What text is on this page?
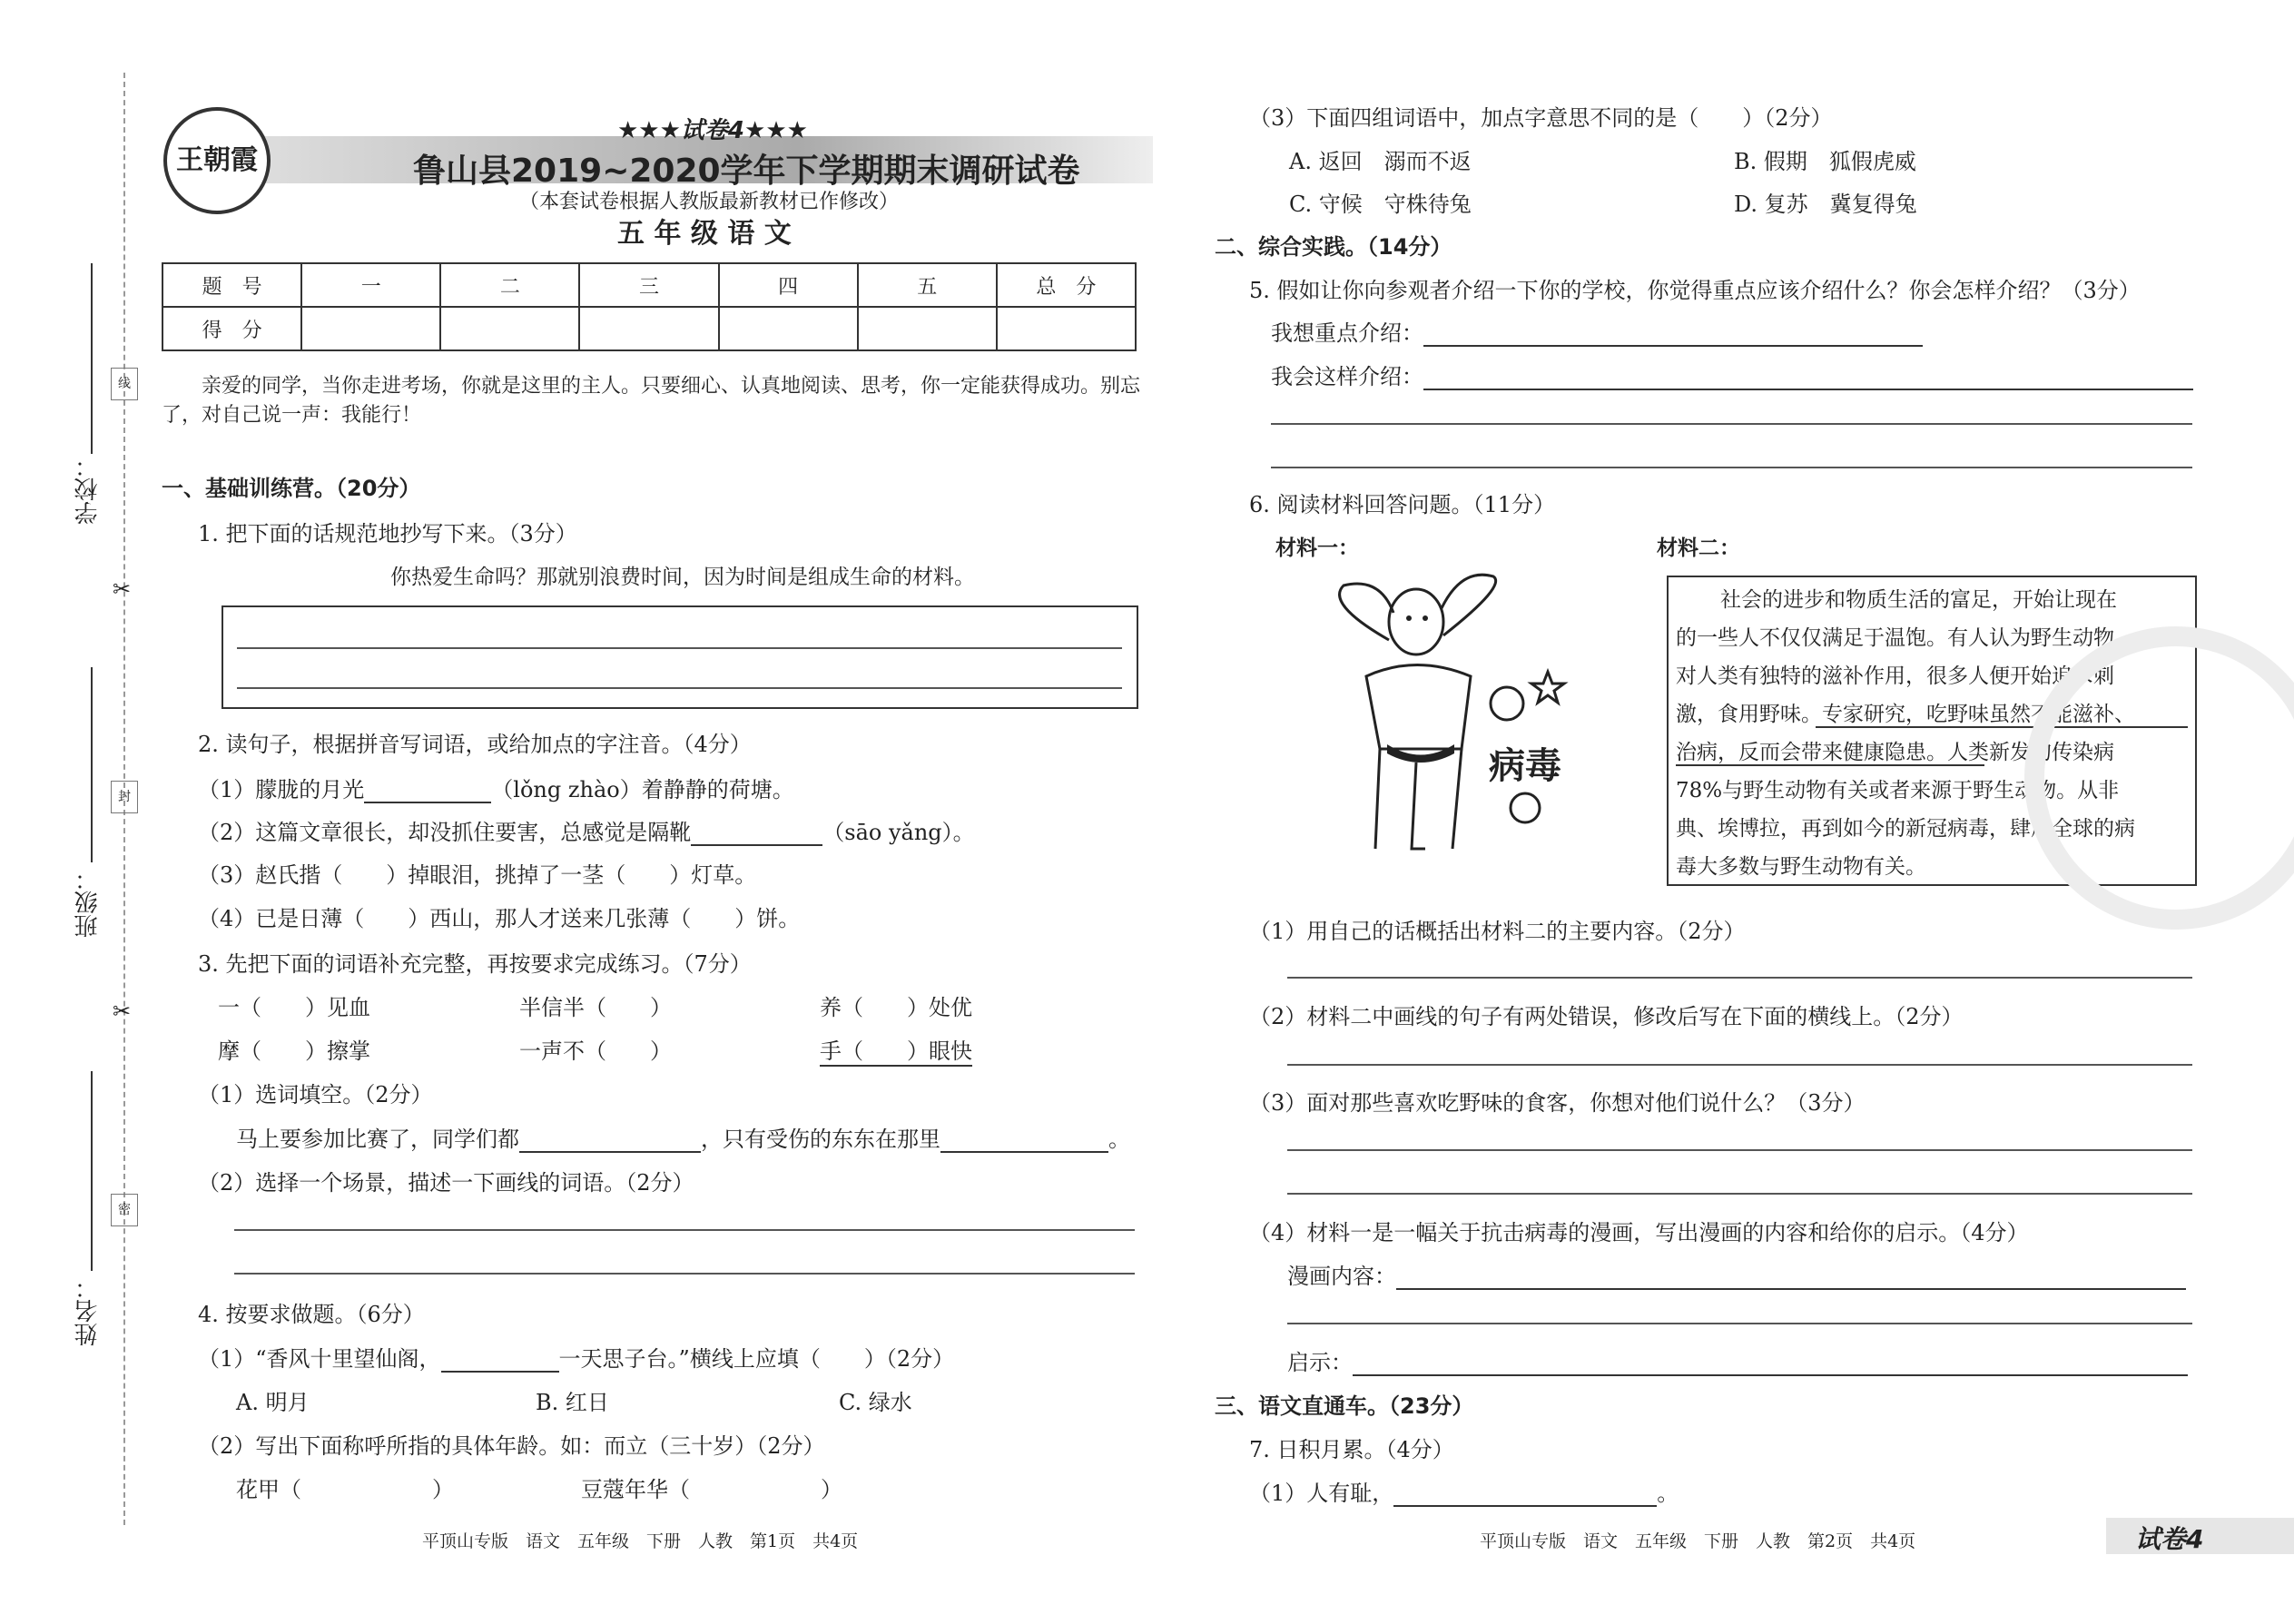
学校：
班级：
姓名：
线
封
密
✂
✂
王朝霞
★★★试卷4★★★
鲁山县2019~2020学年下学期期末调研试卷
（本套试卷根据人教版最新教材已作修改）
五 年 级 语 文
题　号	一	二	三	四	五	总　分
得　分						
亲爱的同学，当你走进考场，你就是这里的主人。只要细心、认真地阅读、思考，你一定能获得成功。别忘
了，对自己说一声：我能行！
一、基础训练营。（20分）
1. 把下面的话规范地抄写下来。（3分）
你热爱生命吗？那就别浪费时间，因为时间是组成生命的材料。
2. 读句子，根据拼音写词语，或给加点的字注音。（4分）
（1）朦胧的月光	（lǒng zhào）着静静的荷塘。
（2）这篇文章很长，却没抓住要害，总感觉是隔靴	（sāo yǎng）。
（3）赵氏揩（　　）掉眼泪，挑掉了一茎（　　）灯草。
（4）已是日薄（　　）西山，那人才送来几张薄（　　）饼。
3. 先把下面的词语补充完整，再按要求完成练习。（7分）
一（　　）见血	半信半（　　）	养（　　）处优
摩（　　）擦掌	一声不（　　）	手（　　）眼快
（1）选词填空。（2分）
马上要参加比赛了，同学们都	，只有受伤的东东在那里	。
（2）选择一个场景，描述一下画线的词语。（2分）
4. 按要求做题。（6分）
（1）“香风十里望仙阁，	一天思子台。”横线上应填（　　）（2分）
A. 明月	B. 红日	C. 绿水
（2）写出下面称呼所指的具体年龄。如：而立（三十岁）（2分）
花甲（　　　　　　）	豆蔻年华（　　　　　　）
平顶山专版　语文　五年级　下册　人教　第1页　共4页
（3）下面四组词语中，加点字意思不同的是（　　）（2分）
A. 返回　溺而不返	B. 假期　狐假虎威
C. 守候　守株待兔	D. 复苏　冀复得兔
二、综合实践。（14分）
5. 假如让你向参观者介绍一下你的学校，你觉得重点应该介绍什么？你会怎样介绍？（3分）
我想重点介绍：
我会这样介绍：
6. 阅读材料回答问题。（11分）
材料一：	材料二：
病毒
社会的进步和物质生活的富足，开始让现在
的一些人不仅仅满足于温饱。有人认为野生动物
对人类有独特的滋补作用，很多人便开始追求刺
激，食用野味。专家研究，吃野味虽然不能滋补、
治病，反而会带来健康隐患。人类新发的传染病
78%与野生动物有关或者来源于野生动物。从非
典、埃博拉，再到如今的新冠病毒，肆虐全球的病
毒大多数与野生动物有关。
（1）用自己的话概括出材料二的主要内容。（2分）
（2）材料二中画线的句子有两处错误，修改后写在下面的横线上。（2分）
（3）面对那些喜欢吃野味的食客，你想对他们说什么？（3分）
（4）材料一是一幅关于抗击病毒的漫画，写出漫画的内容和给你的启示。（4分）
漫画内容：
启示：
三、语文直通车。（23分）
7. 日积月累。（4分）
（1）人有耻，	。
平顶山专版　语文　五年级　下册　人教　第2页　共4页	试卷4
